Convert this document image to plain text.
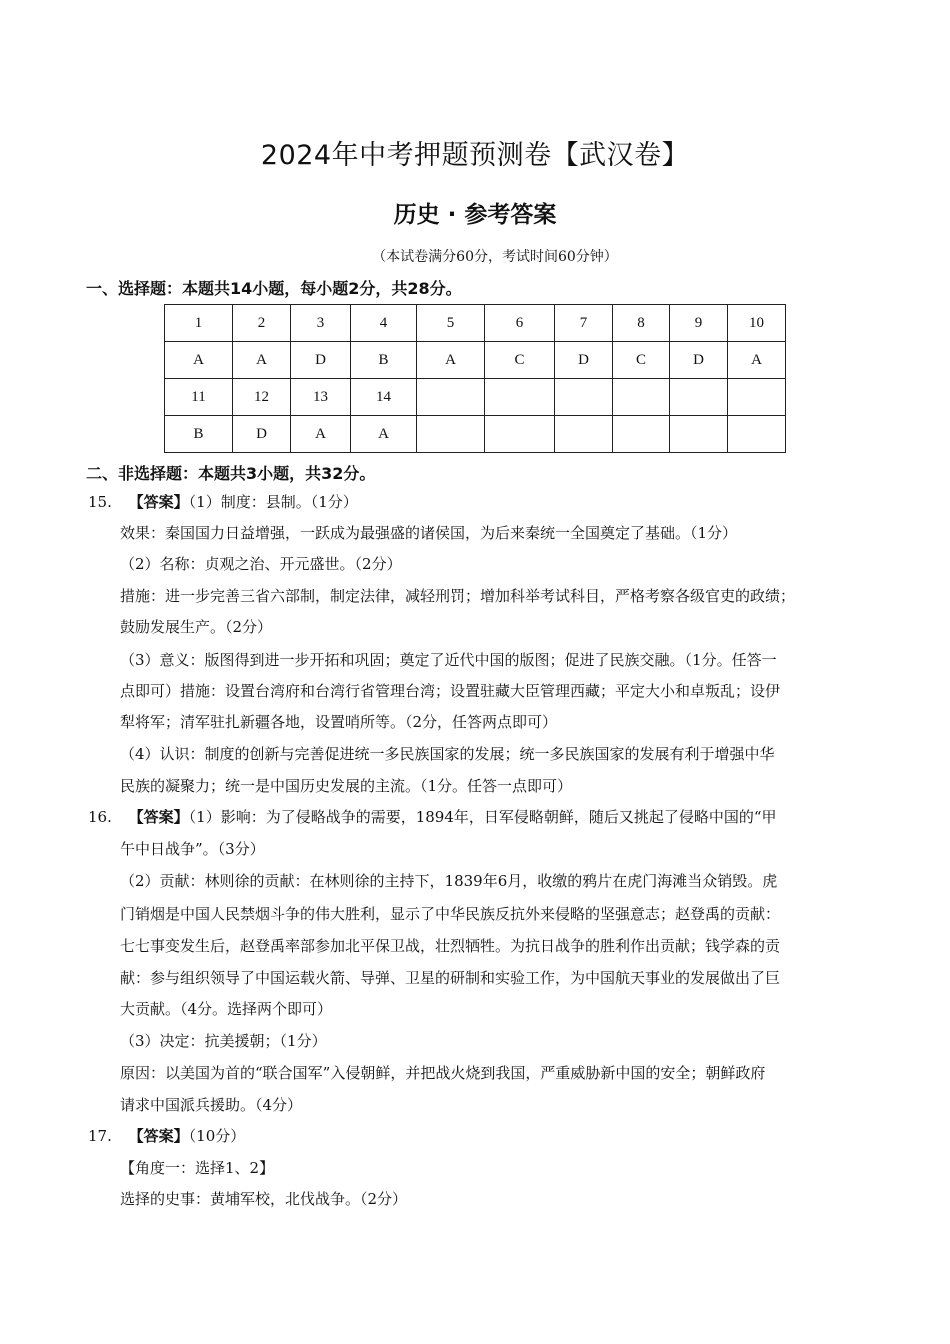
2024年中考押题预测卷【武汉卷】
历史 · 参考答案
（本试卷满分60分，考试时间60分钟）
一、选择题：本题共14小题，每小题2分，共28分。
1	2	3	4	5	6	7	8	9	10
A	A	D	B	A	C	D	C	D	A
11	12	13	14						
B	D	A	A						
二、非选择题：本题共3小题，共32分。
15. 【答案】（1）制度：县制。（1分）
效果：秦国国力日益增强，一跃成为最强盛的诸侯国，为后来秦统一全国奠定了基础。（1分）
（2）名称：贞观之治、开元盛世。（2分）
措施：进一步完善三省六部制，制定法律，减轻刑罚；增加科举考试科目，严格考察各级官吏的政绩；
鼓励发展生产。（2分）
（3）意义：版图得到进一步开拓和巩固；奠定了近代中国的版图；促进了民族交融。（1分。任答一
点即可）措施：设置台湾府和台湾行省管理台湾；设置驻藏大臣管理西藏；平定大小和卓叛乱；设伊
犁将军；清军驻扎新疆各地，设置哨所等。（2分，任答两点即可）
（4）认识：制度的创新与完善促进统一多民族国家的发展；统一多民族国家的发展有利于增强中华
民族的凝聚力；统一是中国历史发展的主流。（1分。任答一点即可）
16. 【答案】（1）影响：为了侵略战争的需要，1894年，日军侵略朝鲜，随后又挑起了侵略中国的“甲
午中日战争”。（3分）
（2）贡献：林则徐的贡献：在林则徐的主持下，1839年6月，收缴的鸦片在虎门海滩当众销毁。虎
门销烟是中国人民禁烟斗争的伟大胜利，显示了中华民族反抗外来侵略的坚强意志；赵登禹的贡献：
七七事变发生后，赵登禹率部参加北平保卫战，壮烈牺牲。为抗日战争的胜利作出贡献；钱学森的贡
献：参与组织领导了中国运载火箭、导弹、卫星的研制和实验工作，为中国航天事业的发展做出了巨
大贡献。（4分。选择两个即可）
（3）决定：抗美援朝；（1分）
原因：以美国为首的“联合国军”入侵朝鲜，并把战火烧到我国，严重威胁新中国的安全；朝鲜政府
请求中国派兵援助。（4分）
17. 【答案】（10分）
【角度一：选择1、2】
选择的史事：黄埔军校，北伐战争。（2分）
